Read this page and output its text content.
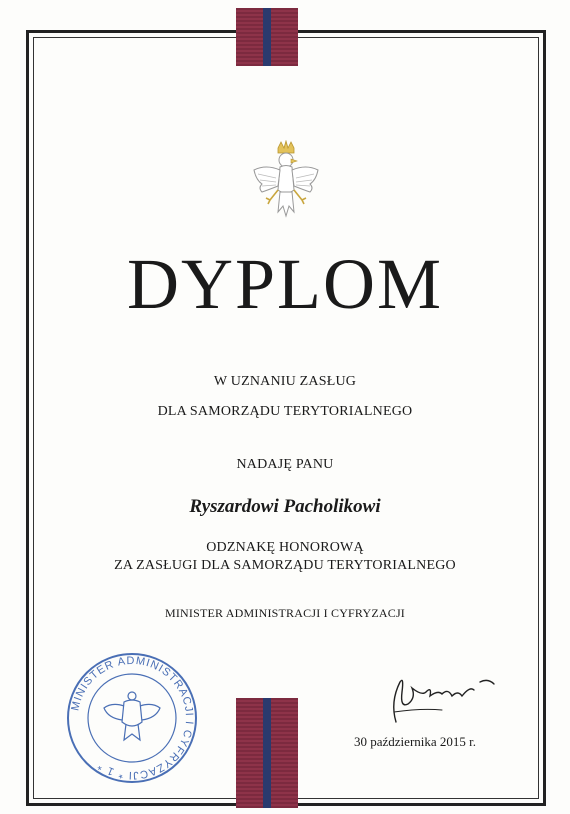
DYPLOM
W UZNANIU ZASŁUG
DLA SAMORZĄDU TERYTORIALNEGO
NADAJĘ PANU
Ryszardowi Pacholikowi
ODZNAKĘ HONOROWĄ
ZA ZASŁUGI DLA SAMORZĄDU TERYTORIALNEGO
MINISTER ADMINISTRACJI I CYFRYZACJI
MINISTER ADMINISTRACJI I CYFRYZACJI * 1 *
30 października 2015 r.
